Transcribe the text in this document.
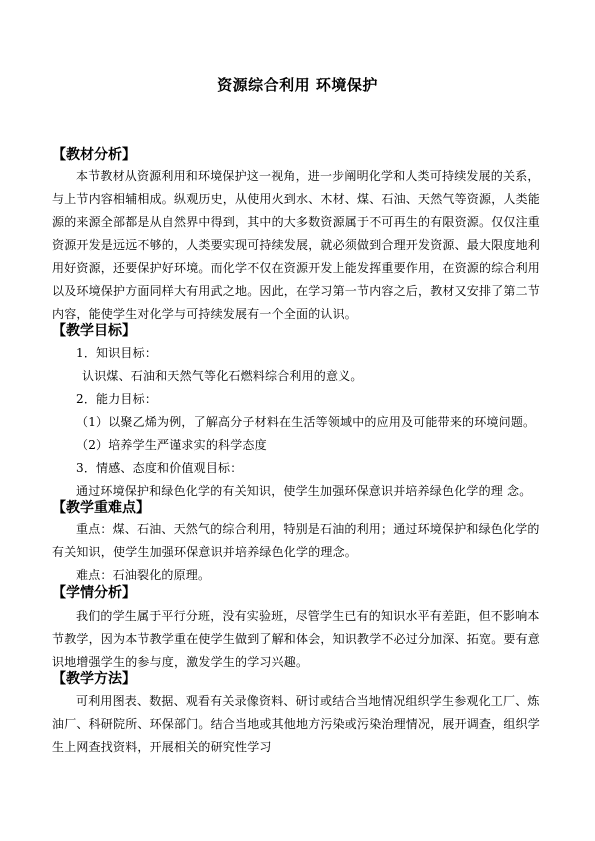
资源综合利用 环境保护
【教材分析】
本节教材从资源利用和环境保护这一视角，进一步阐明化学和人类可持续发展的关系，
与上节内容相辅相成。纵观历史，从使用火到水、木材、煤、石油、天然气等资源，人类能
源的来源全部都是从自然界中得到，其中的大多数资源属于不可再生的有限资源。仅仅注重
资源开发是远远不够的，人类要实现可持续发展，就必须做到合理开发资源、最大限度地利
用好资源，还要保护好环境。而化学不仅在资源开发上能发挥重要作用，在资源的综合利用
以及环境保护方面同样大有用武之地。因此，在学习第一节内容之后，教材又安排了第二节
内容，能使学生对化学与可持续发展有一个全面的认识。
【教学目标】
1．知识目标：
认识煤、石油和天然气等化石燃料综合利用的意义。
2．能力目标：
（1）以聚乙烯为例，了解高分子材料在生活等领域中的应用及可能带来的环境问题。
（2）培养学生严谨求实的科学态度
3．情感、态度和价值观目标：
通过环境保护和绿色化学的有关知识，使学生加强环保意识并培养绿色化学的理 念。
【教学重难点】
重点：煤、石油、天然气的综合利用，特别是石油的利用；通过环境保护和绿色化学的
有关知识，使学生加强环保意识并培养绿色化学的理念。
难点：石油裂化的原理。
【学情分析】
我们的学生属于平行分班，没有实验班，尽管学生已有的知识水平有差距，但不影响本
节教学，因为本节教学重在使学生做到了解和体会，知识教学不必过分加深、拓宽。要有意
识地增强学生的参与度，激发学生的学习兴趣。
【教学方法】
可利用图表、数据、观看有关录像资料、研讨或结合当地情况组织学生参观化工厂、炼
油厂、科研院所、环保部门。结合当地或其他地方污染或污染治理情况，展开调查，组织学
生上网查找资料，开展相关的研究性学习
